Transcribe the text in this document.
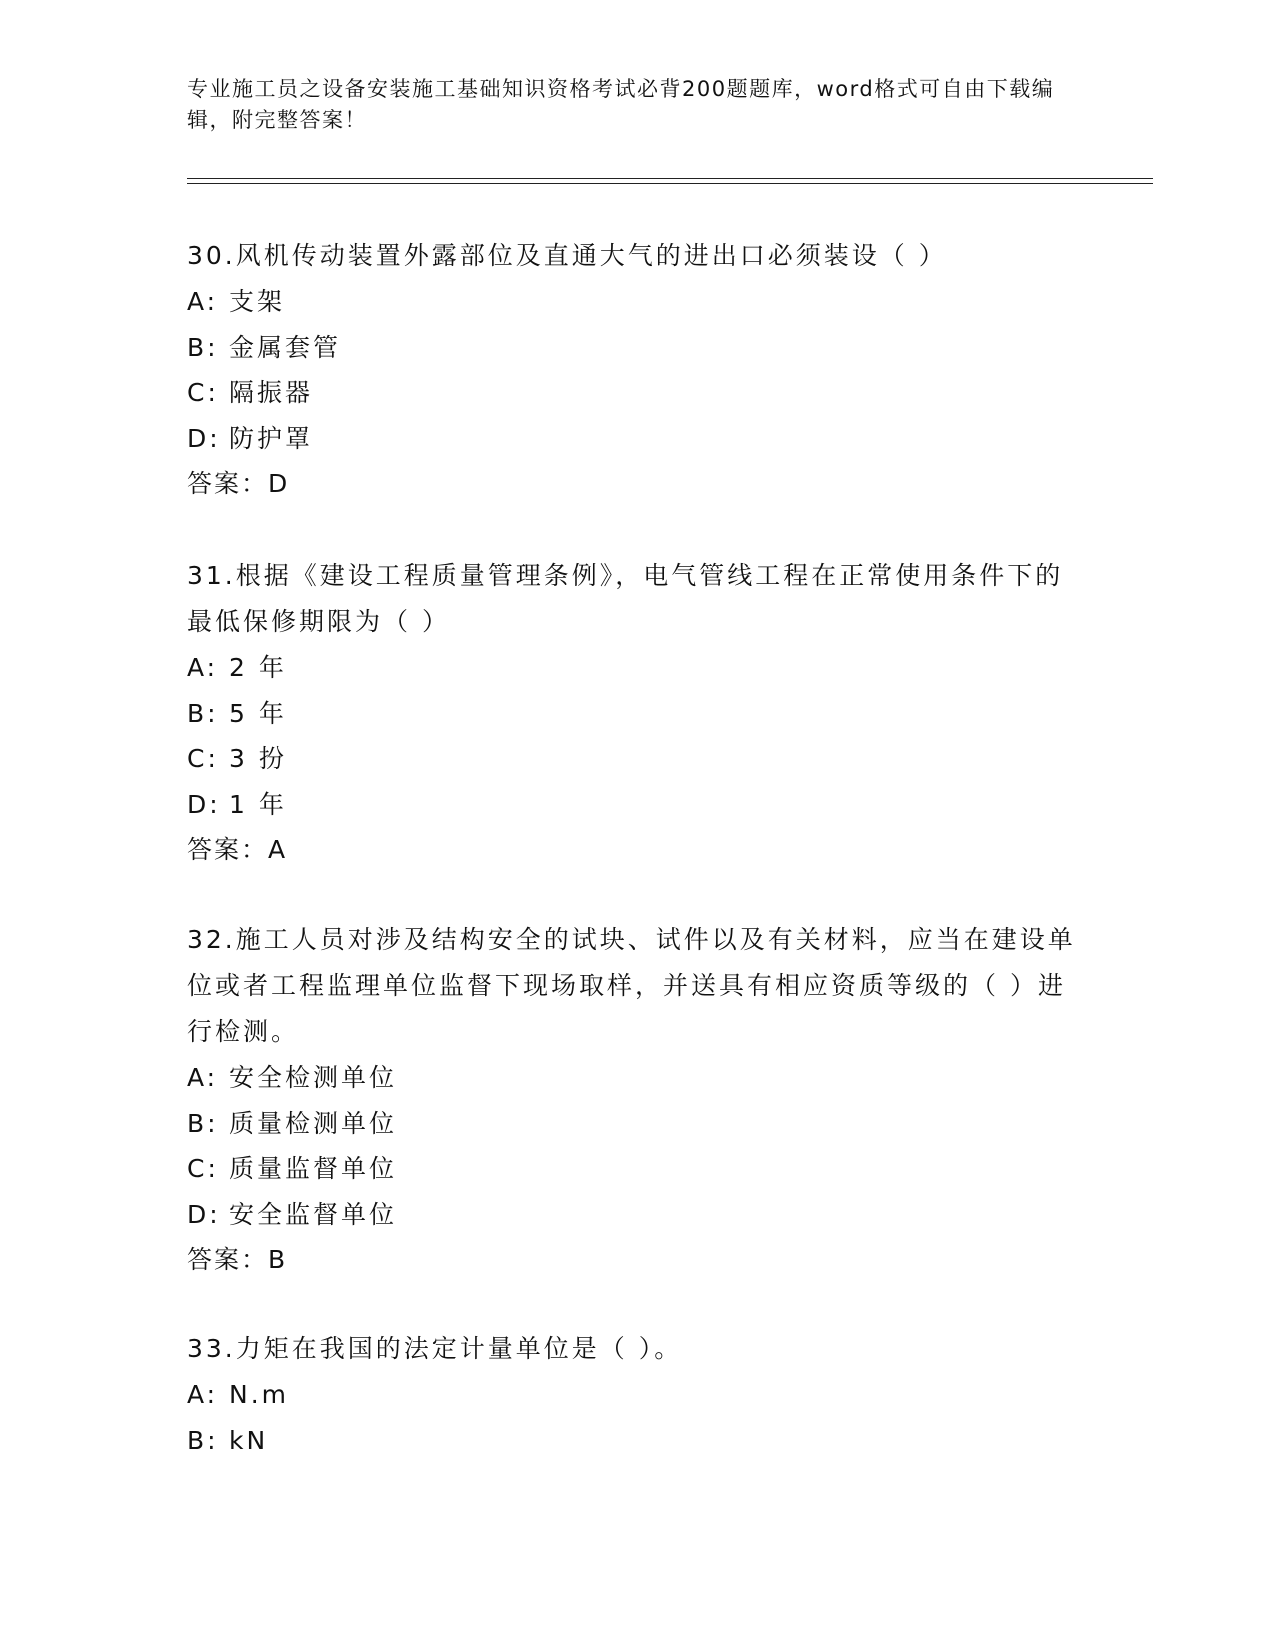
专业施工员之设备安装施工基础知识资格考试必背200题题库，word格式可自由下载编辑，附完整答案！

30.风机传动装置外露部位及直通大气的进出口必须装设（ ）

A: 支架
B: 金属套管
C: 隔振器
D: 防护罩
答案：D

31.根据《建设工程质量管理条例》，电气管线工程在正常使用条件下的最低保修期限为（ ）

A: 2 年
B: 5 年
C: 3 扮
D: 1 年
答案：A

32.施工人员对涉及结构安全的试块、试件以及有关材料，应当在建设单位或者工程监理单位监督下现场取样，并送具有相应资质等级的（ ）进行检测。

A: 安全检测单位
B: 质量检测单位
C: 质量监督单位
D: 安全监督单位
答案：B

33.力矩在我国的法定计量单位是（ ）。

A: N.m
B: kN
